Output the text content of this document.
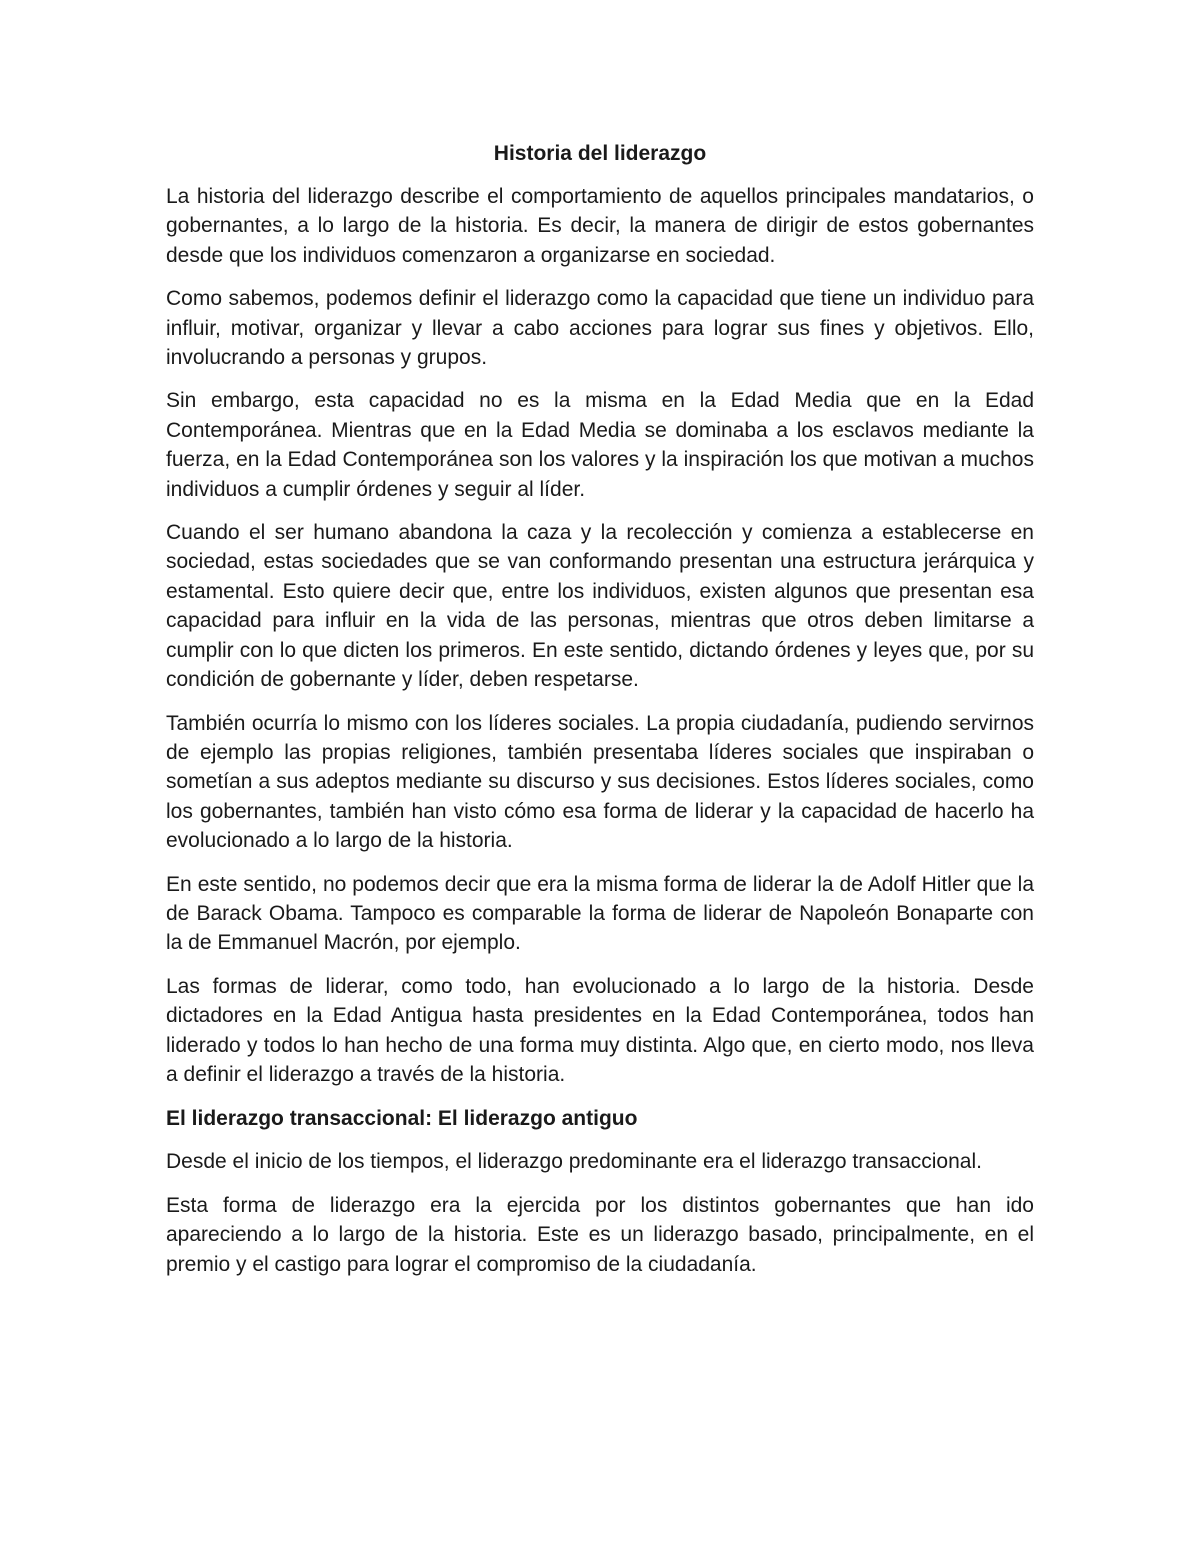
Historia del liderazgo

La historia del liderazgo describe el comportamiento de aquellos principales mandatarios, o gobernantes, a lo largo de la historia. Es decir, la manera de dirigir de estos gobernantes desde que los individuos comenzaron a organizarse en sociedad.

Como sabemos, podemos definir el liderazgo como la capacidad que tiene un individuo para influir, motivar, organizar y llevar a cabo acciones para lograr sus fines y objetivos. Ello, involucrando a personas y grupos.

Sin embargo, esta capacidad no es la misma en la Edad Media que en la Edad Contemporánea. Mientras que en la Edad Media se dominaba a los esclavos mediante la fuerza, en la Edad Contemporánea son los valores y la inspiración los que motivan a muchos individuos a cumplir órdenes y seguir al líder.

Cuando el ser humano abandona la caza y la recolección y comienza a establecerse en sociedad, estas sociedades que se van conformando presentan una estructura jerárquica y estamental. Esto quiere decir que, entre los individuos, existen algunos que presentan esa capacidad para influir en la vida de las personas, mientras que otros deben limitarse a cumplir con lo que dicten los primeros. En este sentido, dictando órdenes y leyes que, por su condición de gobernante y líder, deben respetarse.

También ocurría lo mismo con los líderes sociales. La propia ciudadanía, pudiendo servirnos de ejemplo las propias religiones, también presentaba líderes sociales que inspiraban o sometían a sus adeptos mediante su discurso y sus decisiones. Estos líderes sociales, como los gobernantes, también han visto cómo esa forma de liderar y la capacidad de hacerlo ha evolucionado a lo largo de la historia.

En este sentido, no podemos decir que era la misma forma de liderar la de Adolf Hitler que la de Barack Obama. Tampoco es comparable la forma de liderar de Napoleón Bonaparte con la de Emmanuel Macrón, por ejemplo.

Las formas de liderar, como todo, han evolucionado a lo largo de la historia. Desde dictadores en la Edad Antigua hasta presidentes en la Edad Contemporánea, todos han liderado y todos lo han hecho de una forma muy distinta. Algo que, en cierto modo, nos lleva a definir el liderazgo a través de la historia.

El liderazgo transaccional: El liderazgo antiguo

Desde el inicio de los tiempos, el liderazgo predominante era el liderazgo transaccional.

Esta forma de liderazgo era la ejercida por los distintos gobernantes que han ido apareciendo a lo largo de la historia. Este es un liderazgo basado, principalmente, en el premio y el castigo para lograr el compromiso de la ciudadanía.
